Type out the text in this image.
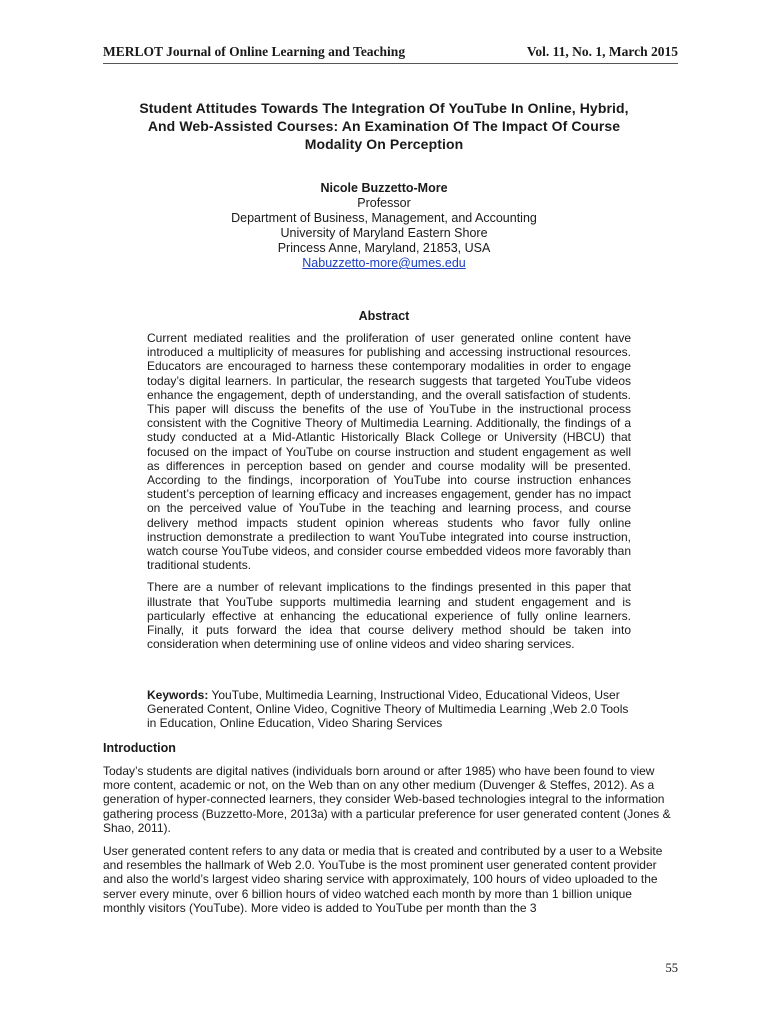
MERLOT Journal of Online Learning and Teaching	Vol. 11, No. 1, March 2015
Student Attitudes Towards The Integration Of YouTube In Online, Hybrid,
And Web-Assisted Courses: An Examination Of The Impact Of Course
Modality On Perception
Nicole Buzzetto-More
Professor
Department of Business, Management, and Accounting
University of Maryland Eastern Shore
Princess Anne, Maryland, 21853, USA
Nabuzzetto-more@umes.edu
Abstract

Current mediated realities and the proliferation of user generated online content have introduced a multiplicity of measures for publishing and accessing instructional resources. Educators are encouraged to harness these contemporary modalities in order to engage today’s digital learners. In particular, the research suggests that targeted YouTube videos enhance the engagement, depth of understanding, and the overall satisfaction of students. This paper will discuss the benefits of the use of YouTube in the instructional process consistent with the Cognitive Theory of Multimedia Learning. Additionally, the findings of a study conducted at a Mid-Atlantic Historically Black College or University (HBCU) that focused on the impact of YouTube on course instruction and student engagement as well as differences in perception based on gender and course modality will be presented. According to the findings, incorporation of YouTube into course instruction enhances student’s perception of learning efficacy and increases engagement, gender has no impact on the perceived value of YouTube in the teaching and learning process, and course delivery method impacts student opinion whereas students who favor fully online instruction demonstrate a predilection to want YouTube integrated into course instruction, watch course YouTube videos, and consider course embedded videos more favorably than traditional students.

There are a number of relevant implications to the findings presented in this paper that illustrate that YouTube supports multimedia learning and student engagement and is particularly effective at enhancing the educational experience of fully online learners. Finally, it puts forward the idea that course delivery method should be taken into consideration when determining use of online videos and video sharing services.

Keywords: YouTube, Multimedia Learning, Instructional Video, Educational Videos, User Generated Content, Online Video, Cognitive Theory of Multimedia Learning ,Web 2.0 Tools in Education, Online Education, Video Sharing Services
Introduction

Today’s students are digital natives (individuals born around or after 1985) who have been found to view more content, academic or not, on the Web than on any other medium (Duvenger & Steffes, 2012). As a generation of hyper-connected learners, they consider Web-based technologies integral to the information gathering process (Buzzetto-More, 2013a) with a particular preference for user generated content (Jones & Shao, 2011).

User generated content refers to any data or media that is created and contributed by a user to a Website and resembles the hallmark of Web 2.0. YouTube is the most prominent user generated content provider and also the world’s largest video sharing service with approximately, 100 hours of video uploaded to the server every minute, over 6 billion hours of video watched each month by more than 1 billion unique monthly visitors (YouTube). More video is added to YouTube per month than the 3

55
